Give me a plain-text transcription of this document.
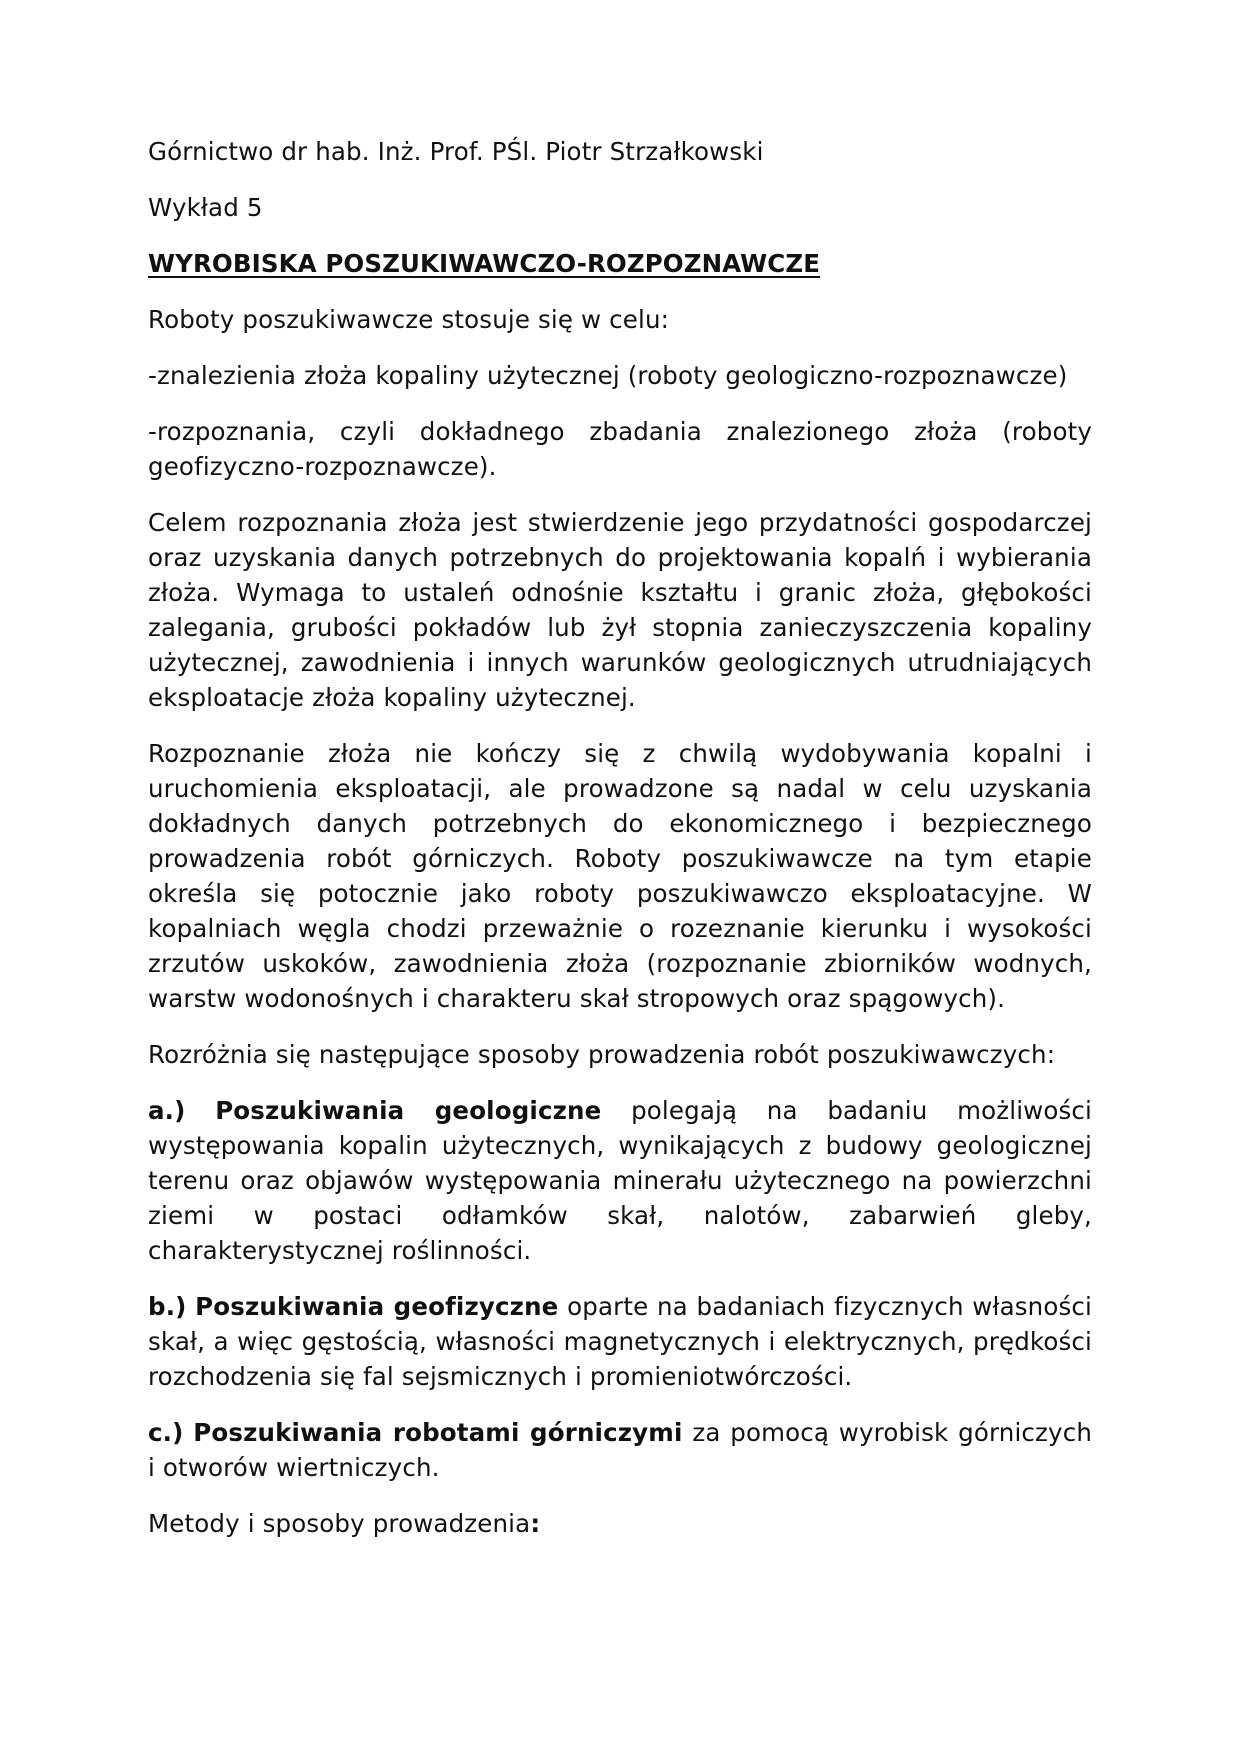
Górnictwo dr hab. Inż. Prof. PŚl. Piotr Strzałkowski

Wykład 5

WYROBISKA POSZUKIWAWCZO-ROZPOZNAWCZE

Roboty poszukiwawcze stosuje się w celu:

-znalezienia złoża kopaliny użytecznej (roboty geologiczno-rozpoznawcze)

-rozpoznania, czyli dokładnego zbadania znalezionego złoża (roboty geofizyczno-rozpoznawcze).

Celem rozpoznania złoża jest stwierdzenie jego przydatności gospodarczej oraz uzyskania danych potrzebnych do projektowania kopalń i wybierania złoża. Wymaga to ustaleń odnośnie kształtu i granic złoża, głębokości zalegania, grubości pokładów lub żył stopnia zanieczyszczenia kopaliny użytecznej, zawodnienia i innych warunków geologicznych utrudniających eksploatacje złoża kopaliny użytecznej.

Rozpoznanie złoża nie kończy się z chwilą wydobywania kopalni i uruchomienia eksploatacji, ale prowadzone są nadal w celu uzyskania dokładnych danych potrzebnych do ekonomicznego i bezpiecznego prowadzenia robót górniczych. Roboty poszukiwawcze na tym etapie określa się potocznie jako roboty poszukiwawczo eksploatacyjne. W kopalniach węgla chodzi przeważnie o rozeznanie kierunku i wysokości zrzutów uskoków, zawodnienia złoża (rozpoznanie zbiorników wodnych, warstw wodonośnych i charakteru skał stropowych oraz spągowych).

Rozróżnia się następujące sposoby prowadzenia robót poszukiwawczych:

a.) Poszukiwania geologiczne polegają na badaniu możliwości występowania kopalin użytecznych, wynikających z budowy geologicznej terenu oraz objawów występowania minerału użytecznego na powierzchni ziemi w postaci odłamków skał, nalotów, zabarwień gleby, charakterystycznej roślinności.

b.) Poszukiwania geofizyczne oparte na badaniach fizycznych własności skał, a więc gęstością, własności magnetycznych i elektrycznych, prędkości rozchodzenia się fal sejsmicznych i promieniotwórczości.

c.) Poszukiwania robotami górniczymi za pomocą wyrobisk górniczych i otworów wiertniczych.

Metody i sposoby prowadzenia:
